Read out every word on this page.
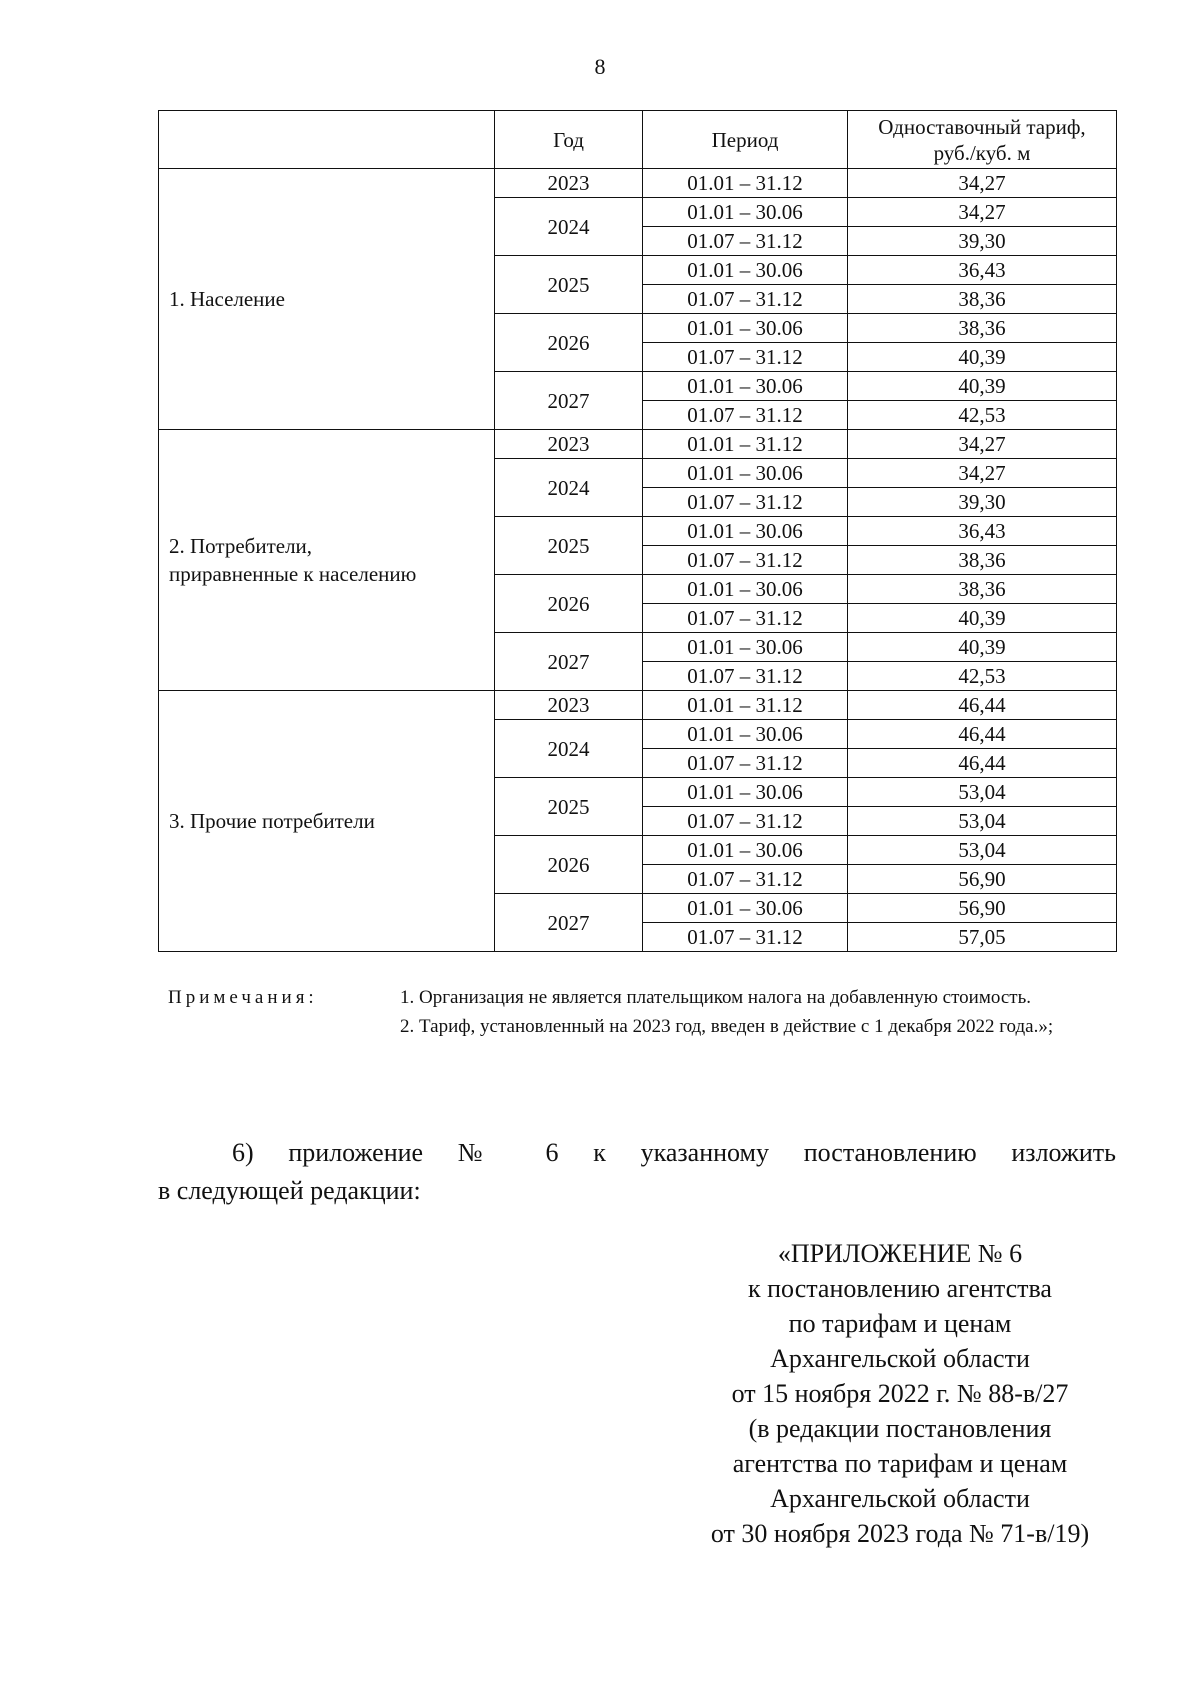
8
	Год	Период	Одноставочный тариф,
руб./куб. м
1. Население	2023	01.01 – 31.12	34,27
	2024	01.01 – 30.06	34,27
		01.07 – 31.12	39,30
	2025	01.01 – 30.06	36,43
		01.07 – 31.12	38,36
	2026	01.01 – 30.06	38,36
		01.07 – 31.12	40,39
	2027	01.01 – 30.06	40,39
		01.07 – 31.12	42,53
2. Потребители,
приравненные к населению	2023	01.01 – 31.12	34,27
	2024	01.01 – 30.06	34,27
		01.07 – 31.12	39,30
	2025	01.01 – 30.06	36,43
		01.07 – 31.12	38,36
	2026	01.01 – 30.06	38,36
		01.07 – 31.12	40,39
	2027	01.01 – 30.06	40,39
		01.07 – 31.12	42,53
3. Прочие потребители	2023	01.01 – 31.12	46,44
	2024	01.01 – 30.06	46,44
		01.07 – 31.12	46,44
	2025	01.01 – 30.06	53,04
		01.07 – 31.12	53,04
	2026	01.01 – 30.06	53,04
		01.07 – 31.12	56,90
	2027	01.01 – 30.06	56,90
		01.07 – 31.12	57,05
Примечания:	1. Организация не является плательщиком налога на добавленную стоимость.
2. Тариф, установленный на 2023 год, введен в действие с 1 декабря 2022 года.»;
6) приложение № 6 к указанному постановлению изложить
в следующей редакции:
«ПРИЛОЖЕНИЕ № 6
к постановлению агентства
по тарифам и ценам
Архангельской области
от 15 ноября 2022 г. № 88-в/27
(в редакции постановления
агентства по тарифам и ценам
Архангельской области
от 30 ноября 2023 года № 71-в/19)
